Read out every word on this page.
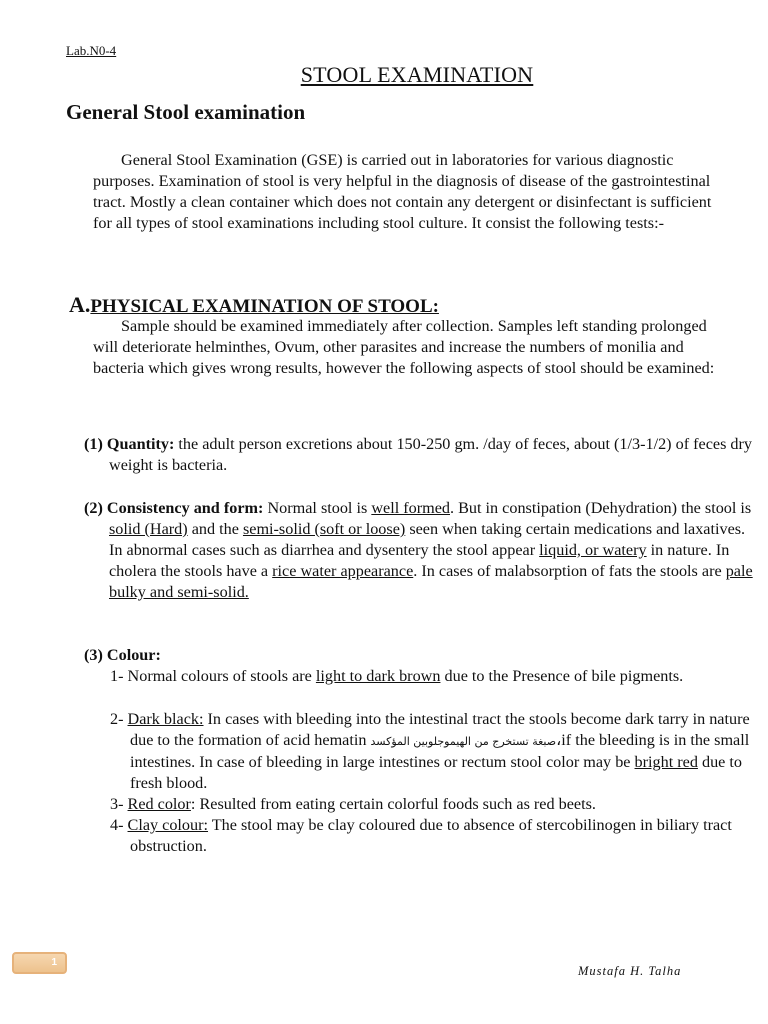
Lab.N0-4
STOOL EXAMINATION
General Stool examination
General Stool Examination (GSE) is carried out in laboratories for various diagnostic purposes. Examination of stool is very helpful in the diagnosis of disease of the gastrointestinal tract. Mostly a clean container which does not contain any detergent or disinfectant is sufficient for all types of stool examinations including stool culture. It consist the following tests:-
A.PHYSICAL EXAMINATION OF STOOL:
Sample should be examined immediately after collection. Samples left standing prolonged will deteriorate helminthes, Ovum, other parasites and increase the numbers of monilia and bacteria which gives wrong results, however the following aspects of stool should be examined:
(1) Quantity: the adult person excretions about 150-250 gm. /day of feces, about (1/3-1/2) of feces dry weight is bacteria.
(2) Consistency and form: Normal stool is well formed. But in constipation (Dehydration) the stool is solid (Hard) and the semi-solid (soft or loose) seen when taking certain medications and laxatives. In abnormal cases such as diarrhea and dysentery the stool appear liquid, or watery in nature. In cholera the stools have a rice water appearance. In cases of malabsorption of fats the stools are pale bulky and semi-solid.
(3) Colour:
1- Normal colours of stools are light to dark brown due to the Presence of bile pigments.
2- Dark black: In cases with bleeding into the intestinal tract the stools become dark tarry in nature due to the formation of acid hematin صبغة تستخرج من الهيموجلوبين المؤكسد،if the bleeding is in the small intestines. In case of bleeding in large intestines or rectum stool color may be bright red due to fresh blood.
3- Red color: Resulted from eating certain colorful foods such as red beets.
4- Clay colour: The stool may be clay coloured due to absence of stercobilinogen in biliary tract obstruction.
1
Mustafa H. Talha
